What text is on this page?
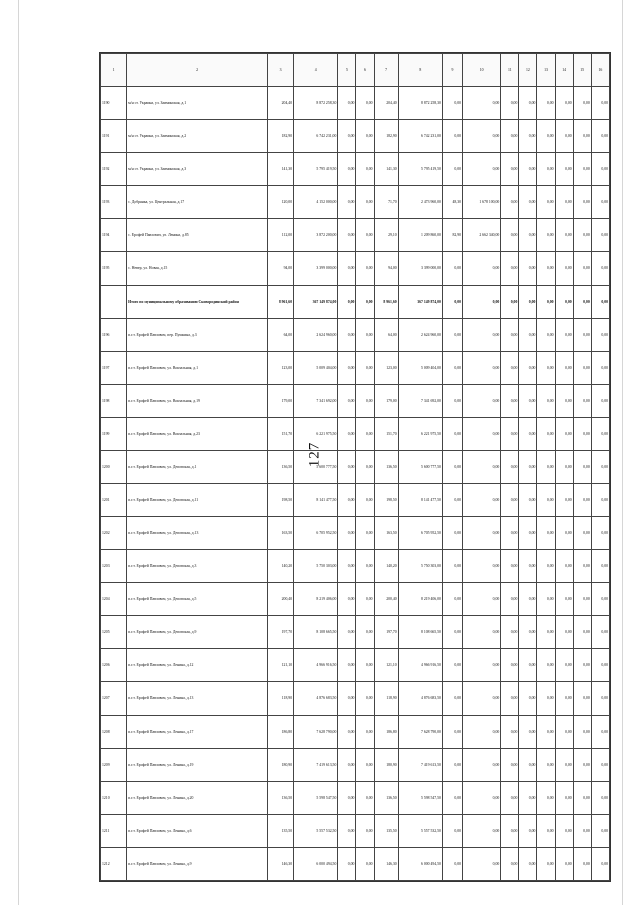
127
1	2	3	4	5	6	7	8	9	10	11	12	13	14	15	16
1190	м/н ст. Украина, ул. Заиминская, д.1	204,40	8 872 258,30	0,00	0,00	204,40	8 872 258,30	0,00	0,00	0,00	0,00	0,00	0,00	0,00	0,00
1191	м/н ст. Украина, ул. Заиминская, д.2	182,90	6 742 231,00	0,00	0,00	182,90	6 742 231,00	0,00	0,00	0,00	0,00	0,00	0,00	0,00	0,00
1192	м/н ст. Украина, ул. Заиминская, д.3	141,30	5 795 419,50	0,00	0,00	141,30	5 795 419,50	0,00	0,00	0,00	0,00	0,00	0,00	0,00	0,00
1193	с. Добрянка, ул. Центральная, д.17	120,00	4 152 000,00	0,00	0,00	71,70	2 473 960,00	48,30	1 678 100,00	0,00	0,00	0,00	0,00	0,00	0,00
1194	с. Ерофей Павлович, ул. Ленина, д.85	112,00	3 872 200,00	0,00	0,00	29,10	1 209 860,00	82,90	2 662 340,00	0,00	0,00	0,00	0,00	0,00	0,00
1195	с. Невер, ул. Новая, д.15	94,00	3 399 000,00	0,00	0,00	94,00	3 399 000,00	0,00	0,00	0,00	0,00	0,00	0,00	0,00	0,00
	Итого по муниципальному образованию Сковородинский район	8 961,60	367 149 874,00	0,00	0,00	8 961,60	367 149 874,00	0,00	0,00	0,00	0,00	0,00	0,00	0,00	0,00
1196	п.г.т. Ерофей Павлович, пер. Пушкина, д.3	64,00	2 624 960,00	0,00	0,00	64,00	2 624 960,00	0,00	0,00	0,00	0,00	0,00	0,00	0,00	0,00
1197	п.г.т. Ерофей Павлович, ул. Вокзальная, д.1	123,00	5 009 404,00	0,00	0,00	123,00	5 009 404,00	0,00	0,00	0,00	0,00	0,00	0,00	0,00	0,00
1198	п.г.т. Ерофей Павлович, ул. Вокзальная, д.19	179,00	7 341 692,00	0,00	0,00	179,00	7 341 692,00	0,00	0,00	0,00	0,00	0,00	0,00	0,00	0,00
1199	п.г.т. Ерофей Павлович, ул. Вокзальная, д.23	151,70	6 221 975,50	0,00	0,00	151,70	6 221 975,50	0,00	0,00	0,00	0,00	0,00	0,00	0,00	0,00
1200	п.г.т. Ерофей Павлович, ул. Деповская, д.1	136,50	5 600 777,50	0,00	0,00	136,50	5 600 777,50	0,00	0,00	0,00	0,00	0,00	0,00	0,00	0,00
1201	п.г.т. Ерофей Павлович, ул. Деповская, д.11	198,50	8 141 477,50	0,00	0,00	198,50	8 141 477,50	0,00	0,00	0,00	0,00	0,00	0,00	0,00	0,00
1202	п.г.т. Ерофей Павлович, ул. Деповская, д.13	163,50	6 705 952,50	0,00	0,00	163,50	6 705 952,50	0,00	0,00	0,00	0,00	0,00	0,00	0,00	0,00
1203	п.г.т. Ерофей Павлович, ул. Деповская, д.3	140,20	5 750 303,00	0,00	0,00	140,20	5 750 303,00	0,00	0,00	0,00	0,00	0,00	0,00	0,00	0,00
1204	п.г.т. Ерофей Павлович, ул. Деповская, д.5	200,40	8 219 406,00	0,00	0,00	200,40	8 219 406,00	0,00	0,00	0,00	0,00	0,00	0,00	0,00	0,00
1205	п.г.т. Ерофей Павлович, ул. Деповская, д.9	197,70	8 108 665,50	0,00	0,00	197,70	8 108 665,50	0,00	0,00	0,00	0,00	0,00	0,00	0,00	0,00
1206	п.г.т. Ерофей Павлович, ул. Ленина, д.12	121,10	4 966 916,50	0,00	0,00	121,10	4 966 916,50	0,00	0,00	0,00	0,00	0,00	0,00	0,00	0,00
1207	п.г.т. Ерофей Павлович, ул. Ленина, д.13	118,90	4 876 683,50	0,00	0,00	118,90	4 876 683,50	0,00	0,00	0,00	0,00	0,00	0,00	0,00	0,00
1208	п.г.т. Ерофей Павлович, ул. Ленина, д.17	186,80	7 628 790,00	0,00	0,00	186,80	7 628 790,00	0,00	0,00	0,00	0,00	0,00	0,00	0,00	0,00
1209	п.г.т. Ерофей Павлович, ул. Ленина, д.19	180,90	7 419 613,50	0,00	0,00	180,90	7 419 613,50	0,00	0,00	0,00	0,00	0,00	0,00	0,00	0,00
1210	п.г.т. Ерофей Павлович, ул. Ленина, д.20	136,50	5 598 547,50	0,00	0,00	136,50	5 598 547,50	0,00	0,00	0,00	0,00	0,00	0,00	0,00	0,00
1211	п.г.т. Ерофей Павлович, ул. Ленина, д.6	135,50	5 557 532,50	0,00	0,00	135,50	5 557 532,50	0,00	0,00	0,00	0,00	0,00	0,00	0,00	0,00
1212	п.г.т. Ерофей Павлович, ул. Ленина, д.9	146,30	6 000 494,50	0,00	0,00	146,30	6 000 494,50	0,00	0,00	0,00	0,00	0,00	0,00	0,00	0,00
